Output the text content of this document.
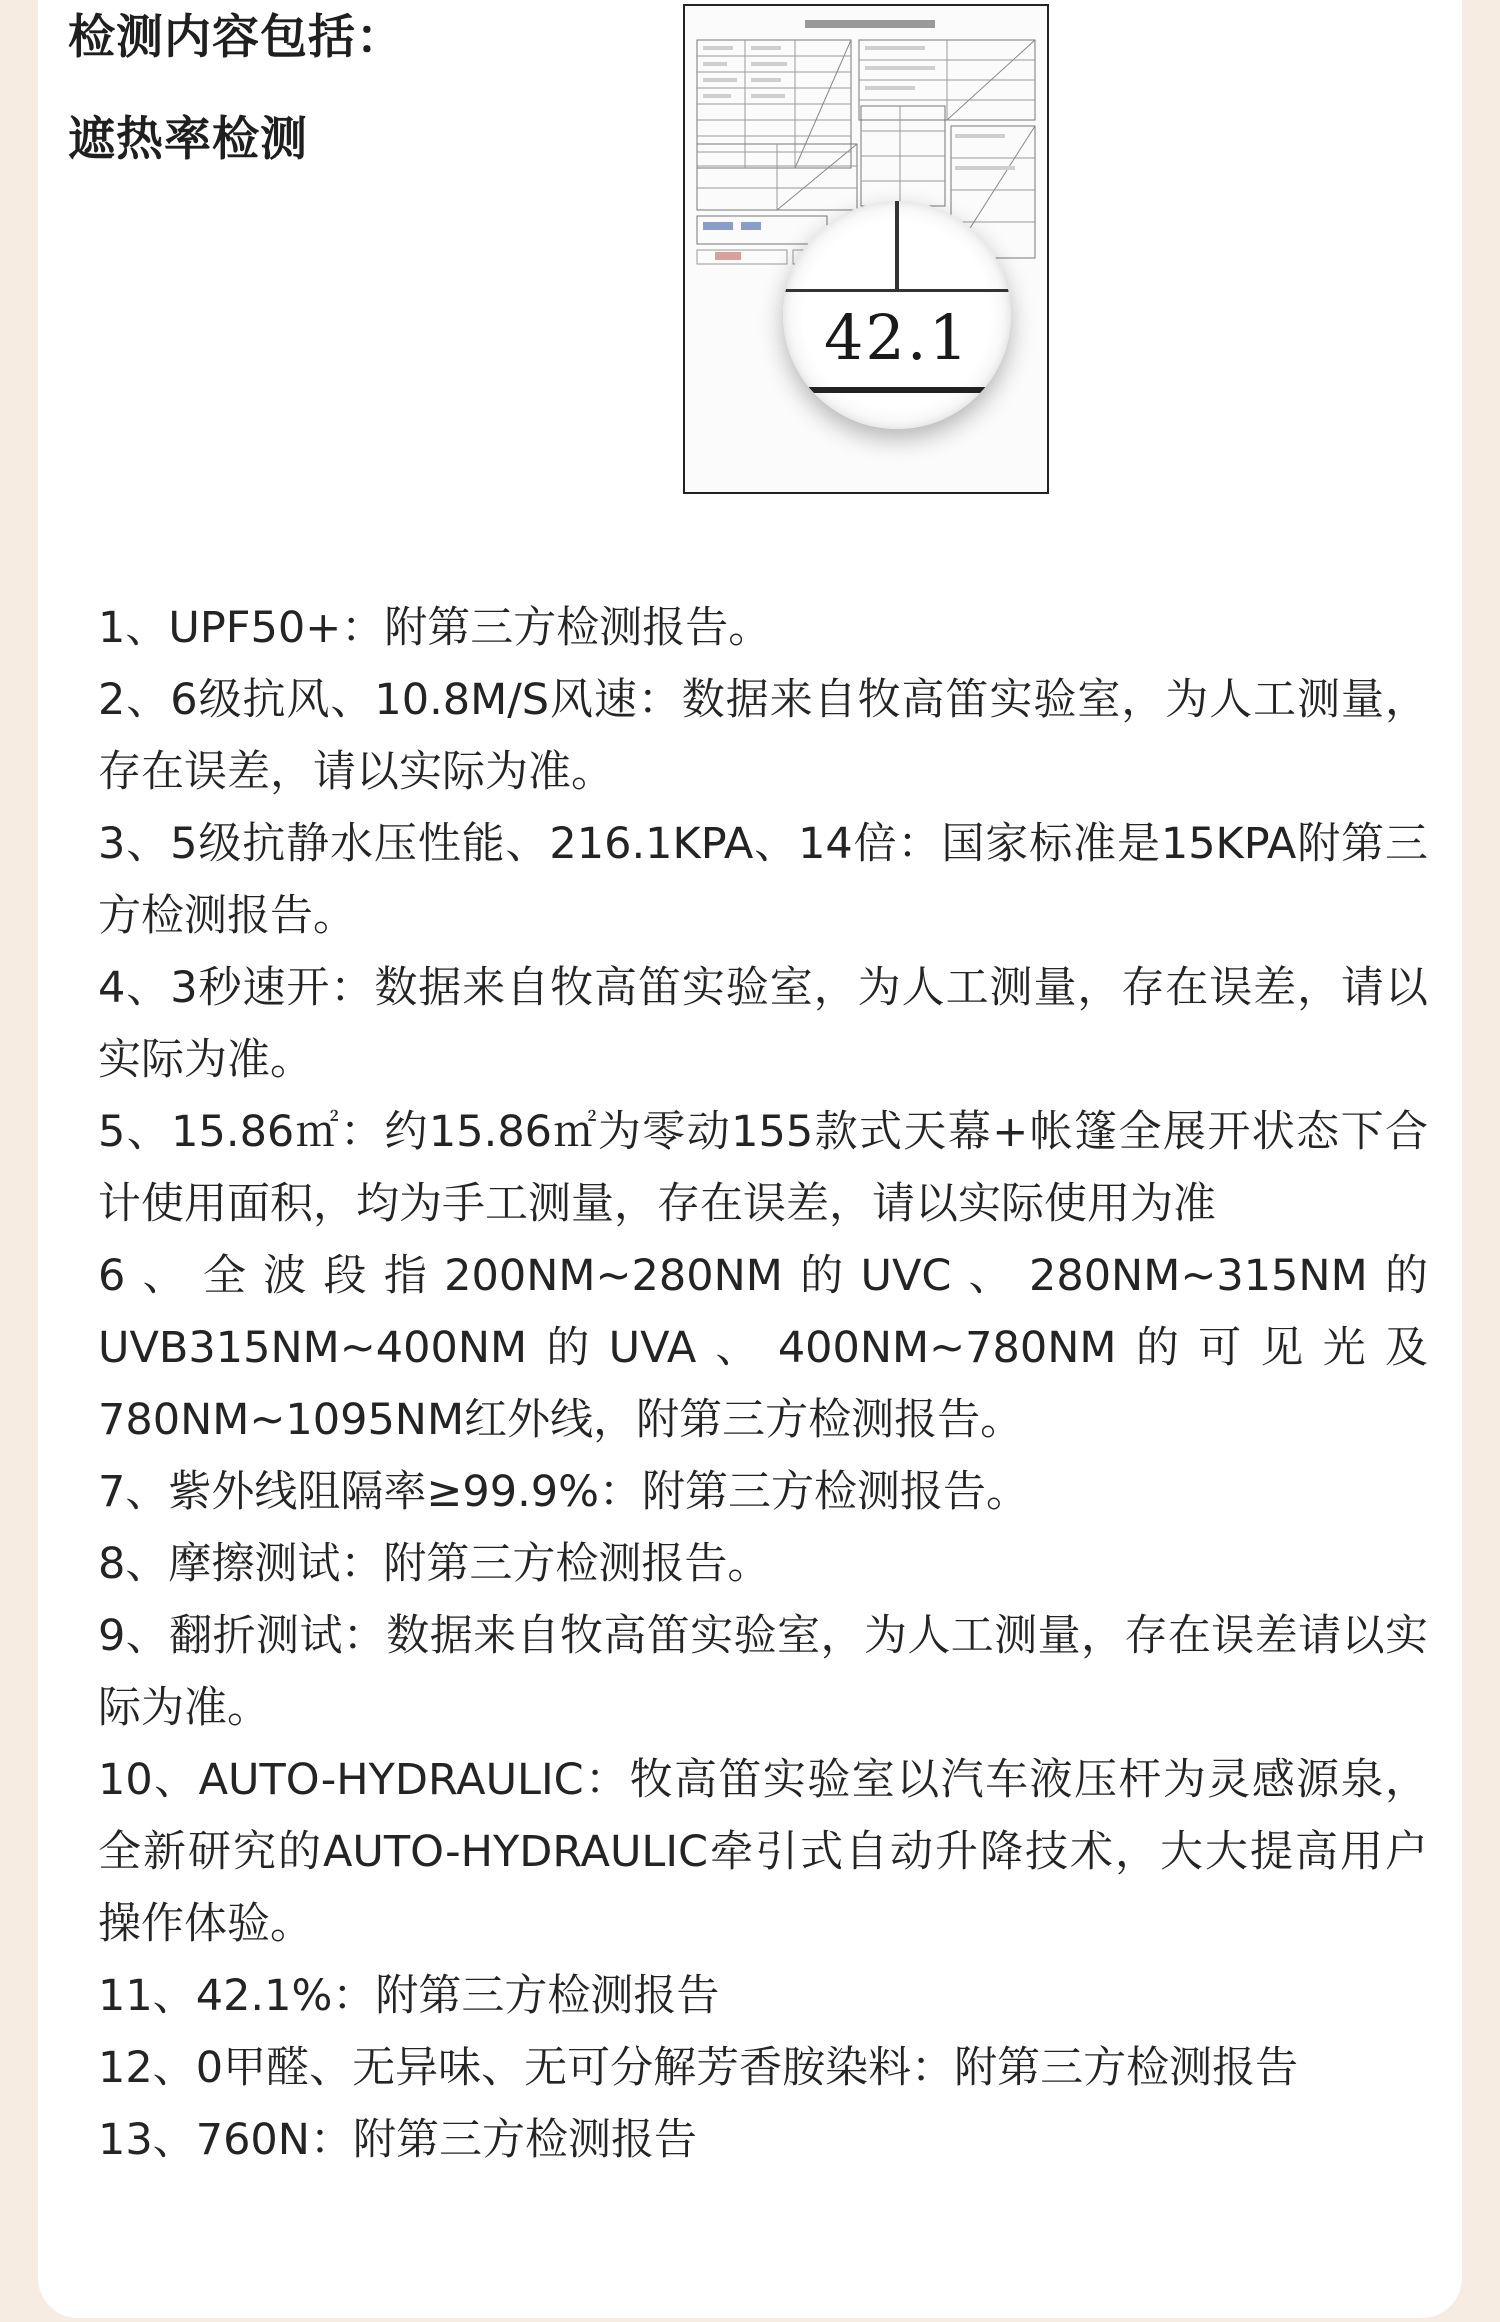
检测内容包括：
遮热率检测
42.1
1、UPF50+：附第三方检测报告。
2、6级抗风、10.8M/S风速：数据来自牧高笛实验室，为人工测量，存在误差，请以实际为准。
3、5级抗静水压性能、216.1KPA、14倍：国家标准是15KPA附第三方检测报告。
4、3秒速开：数据来自牧高笛实验室，为人工测量，存在误差，请以实际为准。
5、15.86㎡：约15.86㎡为零动155款式天幕+帐篷全展开状态下合计使用面积，均为手工测量，存在误差，请以实际使用为准
6、全波段指200NM~280NM的UVC、280NM~315NM的UVB315NM~400NM的UVA、400NM~780NM的可见光及780NM~1095NM红外线，附第三方检测报告。
7、紫外线阻隔率≥99.9%：附第三方检测报告。
8、摩擦测试：附第三方检测报告。
9、翻折测试：数据来自牧高笛实验室，为人工测量，存在误差请以实际为准。
10、AUTO-HYDRAULIC：牧高笛实验室以汽车液压杆为灵感源泉，全新研究的AUTO-HYDRAULIC牵引式自动升降技术，大大提高用户操作体验。
11、42.1%：附第三方检测报告
12、0甲醛、无异味、无可分解芳香胺染料：附第三方检测报告
13、760N：附第三方检测报告
